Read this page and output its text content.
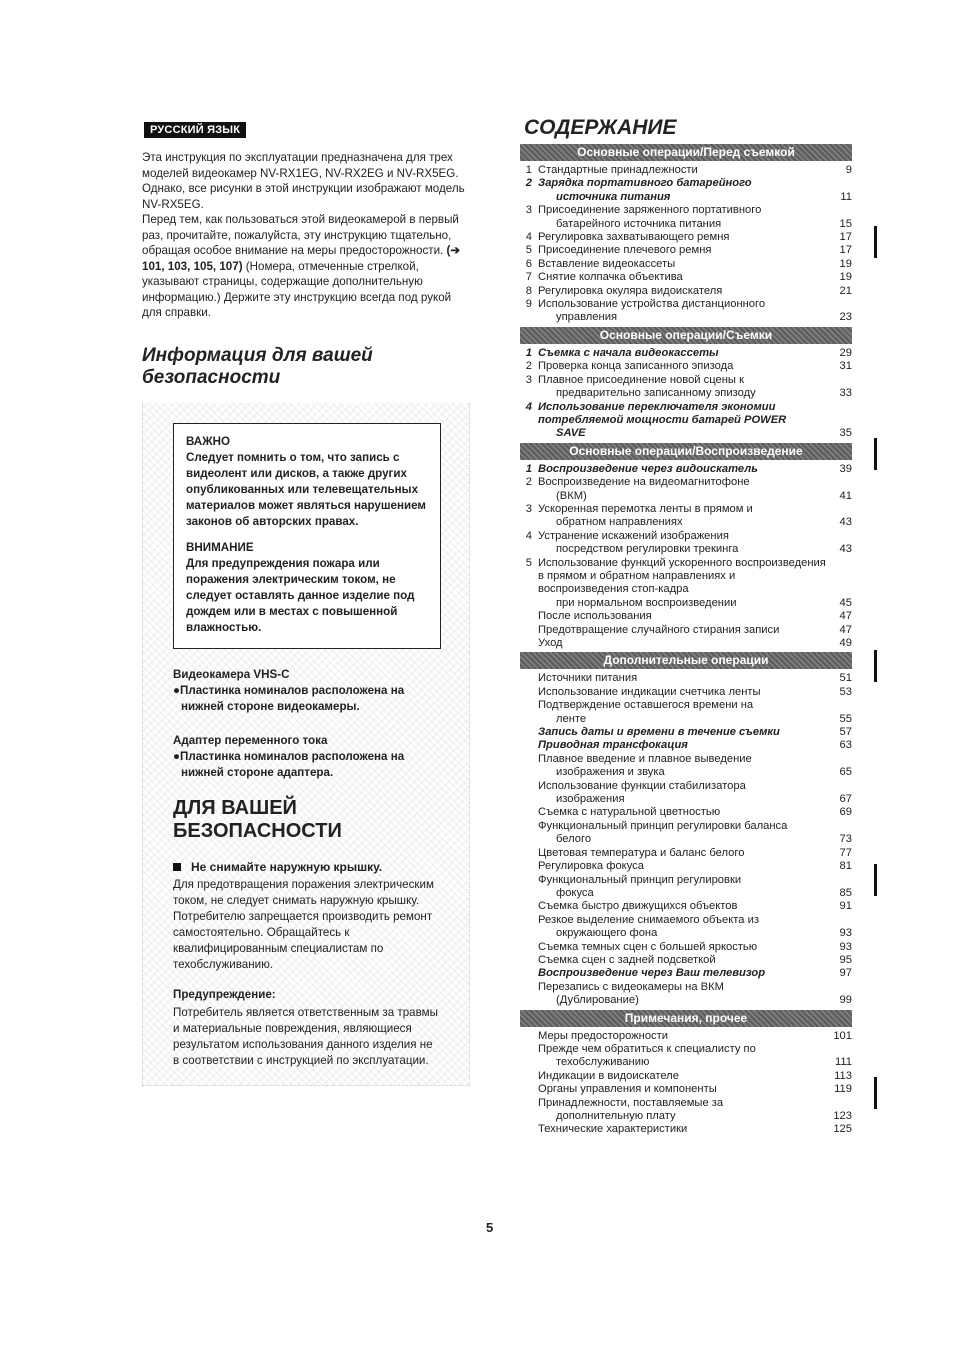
РУССКИЙ ЯЗЫК

Эта инструкция по эксплуатации предназначена для трех моделей видеокамер NV-RX1EG, NV-RX2EG и NV-RX5EG. Однако, все рисунки в этой инструкции изображают модель NV-RX5EG.

Перед тем, как пользоваться этой видеокамерой в первый раз, прочитайте, пожалуйста, эту инструкцию тщательно, обращая особое внимание на меры предосторожности. (➔ 101, 103, 105, 107) (Номера, отмеченные стрелкой, указывают страницы, содержащие дополнительную информацию.) Держите эту инструкцию всегда под рукой для справки.

Информация для вашей безопасности

ВАЖНО

Следует помнить о том, что запись с видеолент или дисков, а также других опубликованных или телевещательных материалов может являться нарушением законов об авторских правах.

ВНИМАНИЕ

Для предупреждения пожара или поражения электрическим током, не следует оставлять данное изделие под дождем или в местах с повышенной влажностью.

Видеокамера VHS-C
●Пластинка номиналов расположена на нижней стороне видеокамеры.
Адаптер переменного тока
●Пластинка номиналов расположена на нижней стороне адаптера.
ДЛЯ ВАШЕЙ БЕЗОПАСНОСТИ
Не снимайте наружную крышку.

Для предотвращения поражения электрическим током, не следует снимать наружную крышку. Потребителю запрещается производить ремонт самостоятельно. Обращайтесь к квалифицированным специалистам по техобслуживанию.

Предупреждение:

Потребитель является ответственным за травмы и материальные повреждения, являющиеся результатом использования данного изделия не в соответствии с инструкцией по эксплуатации.

СОДЕРЖАНИЕ
Основные операции/Перед съемкой
1 Стандартные принадлежности	9
2 Зарядка портативного батарейного
источника питания	11
3 Присоединение заряженного портативного
батарейного источника питания	15
4 Регулировка захватывающего ремня	17
5 Присоединение плечевого ремня	17
6 Вставление видеокассеты	19
7 Снятие колпачка объектива	19
8 Регулировка окуляра видоискателя	21
9 Использование устройства дистанционного
управления	23
Основные операции/Съемки
1 Съемка с начала видеокассеты	29
2 Проверка конца записанного эпизода	31
3 Плавное присоединение новой сцены к
предварительно записанному эпизоду	33
4 Использование переключателя экономии потребляемой мощности батарей POWER
SAVE	35
Основные операции/Воспроизведение
1 Воспроизведение через видоискатель	39
2 Воспроизведение на видеомагнитофоне
(ВКМ)	41
3 Ускоренная перемотка ленты в прямом и
обратном направлениях	43
4 Устранение искажений изображения
посредством регулировки трекинга	43
5 Использование функций ускоренного воспроизведения в прямом и обратном направлениях и воспроизведения стоп-кадра
при нормальном воспроизведении	45
После использования	47
Предотвращение случайного стирания записи	47
Уход	49
Дополнительные операции
Источники питания	51
Использование индикации счетчика ленты	53
Подтверждение оставшегося времени на
ленте	55
Запись даты и времени в течение съемки	57
Приводная трансфокация	63
Плавное введение и плавное выведение
изображения и звука	65
Использование функции стабилизатора
изображения	67
Съемка с натуральной цветностью	69
Функциональный принцип регулировки баланса
белого	73
Цветовая температура и баланс белого	77
Регулировка фокуса	81
Функциональный принцип регулировки
фокуса	85
Съемка быстро движущихся объектов	91
Резкое выделение снимаемого объекта из
окружающего фона	93
Съемка темных сцен с большей яркостью	93
Съемка сцен с задней подсветкой	95
Воспроизведение через Ваш телевизор	97
Перезапись с видеокамеры на ВКМ
(Дублирование)	99
Примечания, прочее
Меры предосторожности	101
Прежде чем обратиться к специалисту по
техобслуживанию	111
Индикации в видоискателе	113
Органы управления и компоненты	119
Принадлежности, поставляемые за
дополнительную плату	123
Технические характеристики	125
5
